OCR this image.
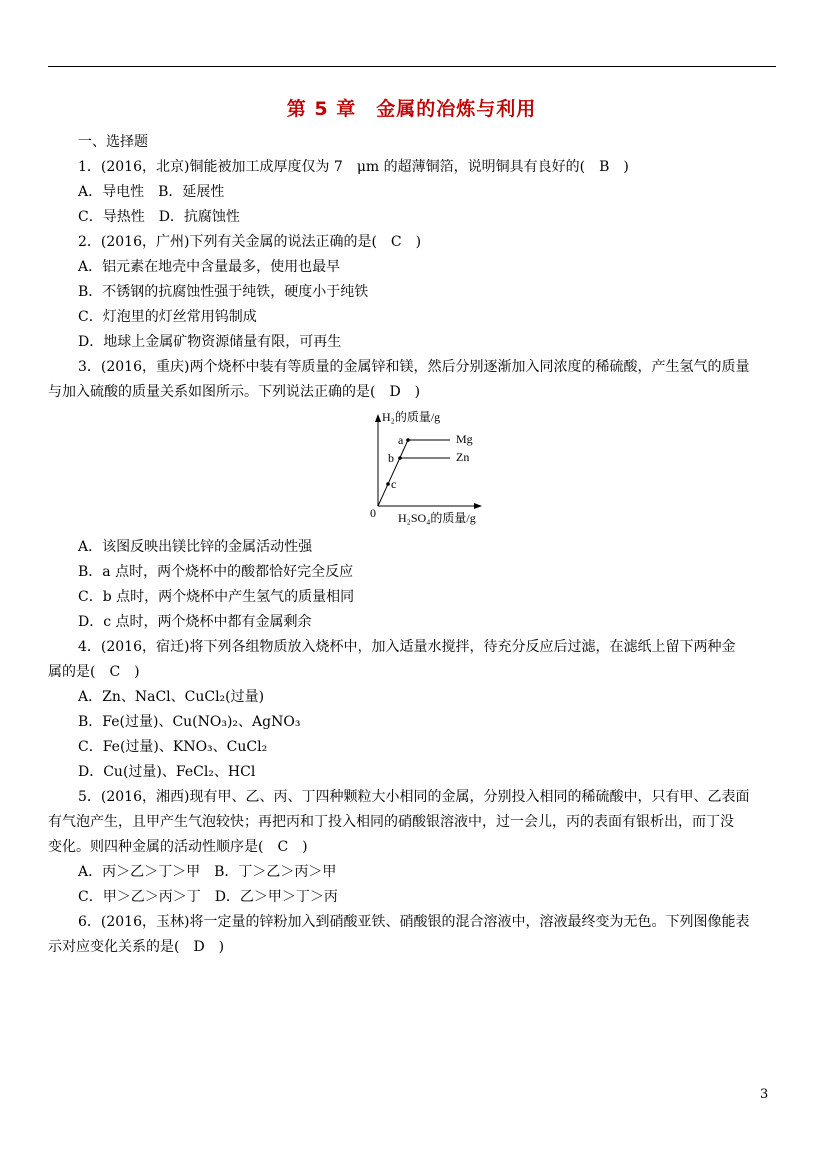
第 5 章　金属的冶炼与利用
一、选择题
1．(2016，北京)铜能被加工成厚度仅为 7　μm 的超薄铜箔，说明铜具有良好的(　B　)
A．导电性　B．延展性
C．导热性　D．抗腐蚀性
2．(2016，广州)下列有关金属的说法正确的是(　C　)
A．铝元素在地壳中含量最多，使用也最早
B．不锈钢的抗腐蚀性强于纯铁，硬度小于纯铁
C．灯泡里的灯丝常用钨制成
D．地球上金属矿物资源储量有限，可再生
3．(2016，重庆)两个烧杯中装有等质量的金属锌和镁，然后分别逐渐加入同浓度的稀硫酸，产生氢气的质量
与加入硫酸的质量关系如图所示。下列说法正确的是(　D　)
A．该图反映出镁比锌的金属活动性强
B．a 点时，两个烧杯中的酸都恰好完全反应
C．b 点时，两个烧杯中产生氢气的质量相同
D．c 点时，两个烧杯中都有金属剩余
4．(2016，宿迁)将下列各组物质放入烧杯中，加入适量水搅拌，待充分反应后过滤，在滤纸上留下两种金
属的是(　C　)
A．Zn、NaCl、CuCl₂(过量)
B．Fe(过量)、Cu(NO₃)₂、AgNO₃
C．Fe(过量)、KNO₃、CuCl₂
D．Cu(过量)、FeCl₂、HCl
5．(2016，湘西)现有甲、乙、丙、丁四种颗粒大小相同的金属，分别投入相同的稀硫酸中，只有甲、乙表面
有气泡产生，且甲产生气泡较快；再把丙和丁投入相同的硝酸银溶液中，过一会儿，丙的表面有银析出，而丁没
变化。则四种金属的活动性顺序是(　C　)
A．丙＞乙＞丁＞甲　B．丁＞乙＞丙＞甲
C．甲＞乙＞丙＞丁　D．乙＞甲＞丁＞丙
6．(2016，玉林)将一定量的锌粉加入到硝酸亚铁、硝酸银的混合溶液中，溶液最终变为无色。下列图像能表
示对应变化关系的是(　D　)
H₂的质量/g
a
b
c
Mg
Zn
0 H₂SO₄的质量/g
3
